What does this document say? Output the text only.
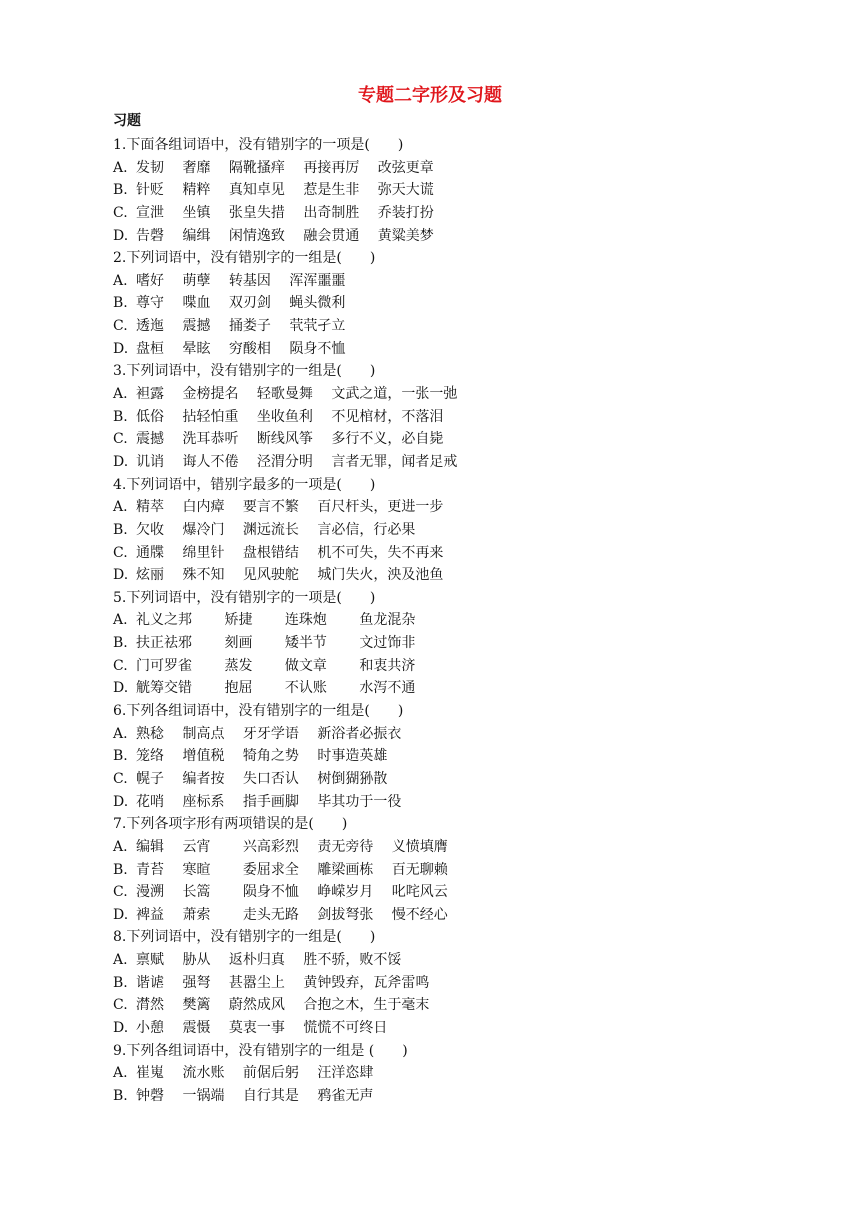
专题二字形及习题
习题
1.下面各组词语中，没有错别字的一项是(　　)
A. 发韧　 奢靡　 隔靴搔痒　 再接再厉　 改弦更章
B. 针贬　 精粹　 真知卓见　 惹是生非　 弥天大谎
C. 宣泄　 坐镇　 张皇失措　 出奇制胜　 乔装打扮
D. 告磬　 编缉　 闲情逸致　 融会贯通　 黄粱美梦
2.下列词语中，没有错别字的一组是(　　)
A. 嗜好　 萌孽　 转基因　 浑浑噩噩
B. 尊守　 喋血　 双刃剑　 蝇头微利
C. 透迤　 震撼　 捅娄子　 茕茕孑立
D. 盘桓　 晕眩　 穷酸相　 陨身不恤
3.下列词语中，没有错别字的一组是(　　)
A. 袒露　 金榜提名　 轻歌曼舞　 文武之道，一张一弛
B. 低俗　 拈轻怕重　 坐收鱼利　 不见棺材，不落泪
C. 震撼　 洗耳恭听　 断线风筝　 多行不义，必自毙
D. 讥诮　 诲人不倦　 泾渭分明　 言者无罪，闻者足戒
4.下列词语中，错别字最多的一项是(　　)
A. 精萃　 白内瘴　 要言不繁　 百尺杆头，更进一步
B. 欠收　 爆冷门　 渊远流长　 言必信，行必果
C. 通牒　 绵里针　 盘根错结　 机不可失，失不再来
D. 炫丽　 殊不知　 见风驶舵　 城门失火，泱及池鱼
5.下列词语中，没有错别字的一项是(　　)
A. 礼义之邦　　 矫捷　　 连珠炮　　 鱼龙混杂
B. 扶正祛邪　　 刻画　　 矮半节　　 文过饰非
C. 门可罗雀　　 蒸发　　 做文章　　 和衷共济
D. 觥筹交错　　 抱屈　　 不认账　　 水泻不通
6.下列各组词语中，没有错别字的一组是(　　)
A. 熟稔　 制高点　 牙牙学语　 新浴者必振衣
B. 笼络　 增值税　 犄角之势　 时事造英雄
C. 幌子　 编者按　 失口否认　 树倒猢狲散
D. 花哨　 座标系　 指手画脚　 毕其功于一役
7.下列各项字形有两项错误的是(　　)
A. 编辑　 云宵　　 兴高彩烈　 责无旁待　 义愤填膺
B. 青苔　 寒暄　　 委屈求全　 雕梁画栋　 百无聊赖
C. 漫溯　 长篙　　 陨身不恤　 峥嵘岁月　 叱咤风云
D. 裨益　 萧索　　 走头无路　 剑拔弩张　 慢不经心
8.下列词语中，没有错别字的一组是(　　)
A. 禀赋　 胁从　 返朴归真　 胜不骄，败不馁
B. 谐谑　 强弩　 甚嚣尘上　 黄钟毁弃，瓦斧雷鸣
C. 潸然　 樊篱　 蔚然成风　 合抱之木，生于毫末
D. 小憩　 震慑　 莫衷一事　 慌慌不可终日
9.下列各组词语中，没有错别字的一组是 (　　)
A. 崔嵬　 流水账　 前倨后躬　 汪洋恣肆
B. 钟磬　 一锅端　 自行其是　 鸦雀无声
